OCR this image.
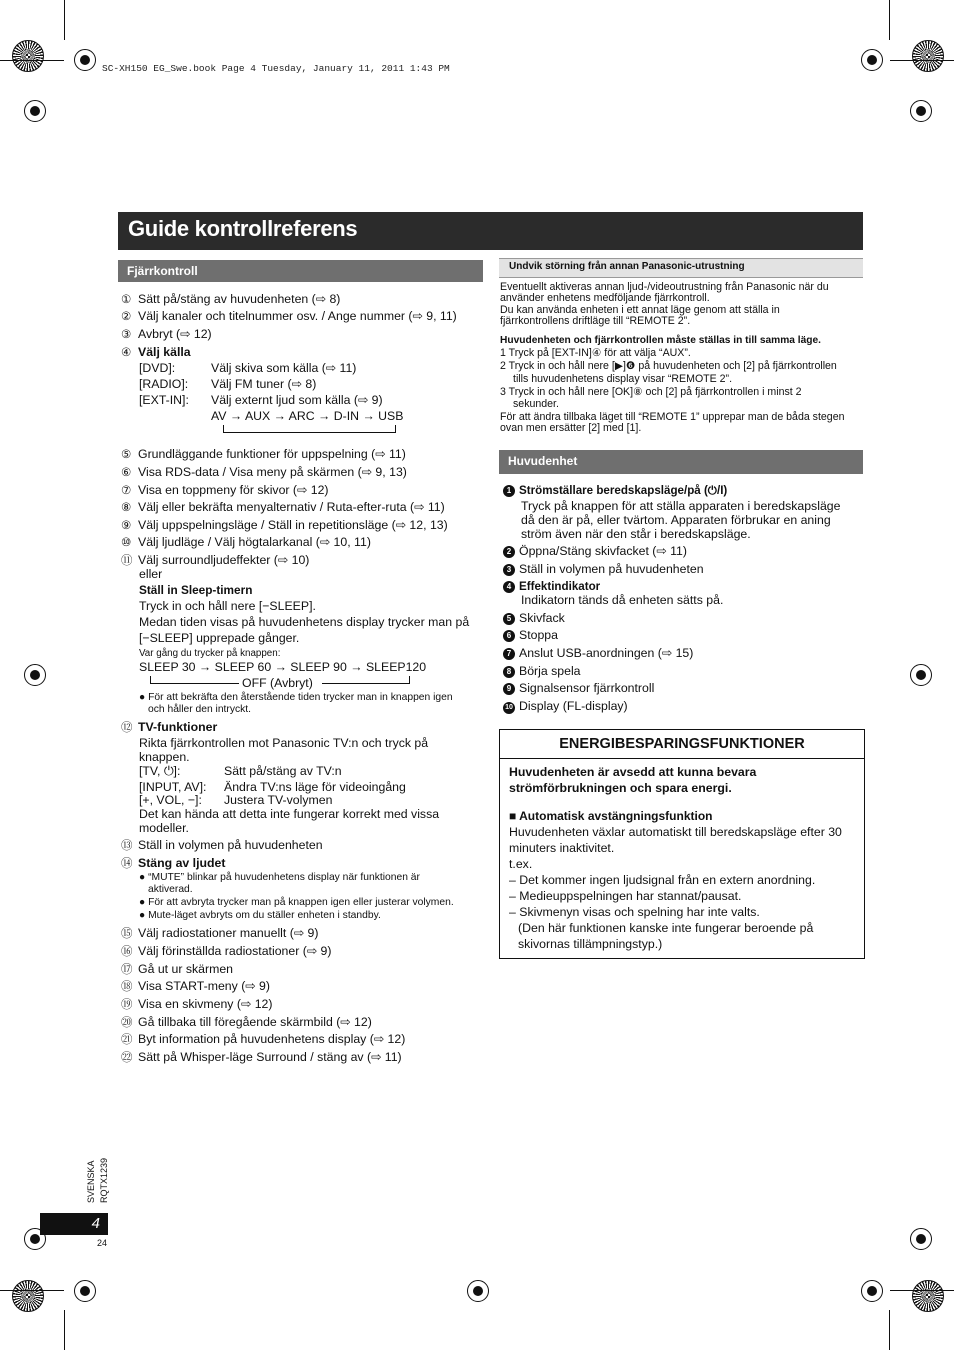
SC-XH150 EG_Swe.book Page 4 Tuesday, January 11, 2011 1:43 PM
Guide kontrollreferens
Fjärrkontroll
① Sätt på/stäng av huvudenheten (⇨ 8)
② Välj kanaler och titelnummer osv. / Ange nummer (⇨ 9, 11)
③ Avbryt (⇨ 12)
④ Välj källa
[DVD]:	Välj skiva som källa (⇨ 11)
[RADIO]: Välj FM tuner (⇨ 8)
[EXT-IN]: Välj externt ljud som källa (⇨ 9)
AV → AUX → ARC → D-IN → USB
⑤ Grundläggande funktioner för uppspelning (⇨ 11)
⑥ Visa RDS-data / Visa meny på skärmen (⇨ 9, 13)
⑦ Visa en toppmeny för skivor (⇨ 12)
⑧ Välj eller bekräfta menyalternativ / Ruta-efter-ruta (⇨ 11)
⑨ Välj uppspelningsläge / Ställ in repetitionsläge (⇨ 12, 13)
⑩ Välj ljudläge / Välj högtalarkanal (⇨ 10, 11)
⑪ Välj surroundljudeffekter (⇨ 10)
eller
Ställ in Sleep-timern
Tryck in och håll nere [−SLEEP].
Medan tiden visas på huvudenhetens display trycker man på
[−SLEEP] upprepade gånger.
Var gång du trycker på knappen:
SLEEP 30 → SLEEP 60 → SLEEP 90 → SLEEP120
OFF (Avbryt)
● För att bekräfta den återstående tiden trycker man in knappen igen
och håller den intryckt.
⑫ TV-funktioner
Rikta fjärrkontrollen mot Panasonic TV:n och tryck på
knappen.
[TV, ⏻]:	Sätt på/stäng av TV:n
[INPUT, AV]: Ändra TV:ns läge för videoingång
[+, VOL, −]: Justera TV-volymen
Det kan hända att detta inte fungerar korrekt med vissa
modeller.
⑬ Ställ in volymen på huvudenheten
⑭ Stäng av ljudet
● “MUTE” blinkar på huvudenhetens display när funktionen är
aktiverad.
● För att avbryta trycker man på knappen igen eller justerar volymen.
● Mute-läget avbryts om du ställer enheten i standby.
⑮ Välj radiostationer manuellt (⇨ 9)
⑯ Välj förinställda radiostationer (⇨ 9)
⑰ Gå ut ur skärmen
⑱ Visa START-meny (⇨ 9)
⑲ Visa en skivmeny (⇨ 12)
⑳ Gå tillbaka till föregående skärmbild (⇨ 12)
㉑ Byt information på huvudenhetens display (⇨ 12)
㉒ Sätt på Whisper-läge Surround / stäng av (⇨ 11)
Undvik störning från annan Panasonic-utrustning
Eventuellt aktiveras annan ljud-/videoutrustning från Panasonic när du
använder enhetens medföljande fjärrkontroll.
Du kan använda enheten i ett annat läge genom att ställa in
fjärrkontrollens driftläge till “REMOTE 2”.
Huvudenheten och fjärrkontrollen måste ställas in till samma läge.
1 Tryck på [EXT-IN]④ för att välja “AUX”.
2 Tryck in och håll nere [▶]❻ på huvudenheten och [2] på fjärrkontrollen
tills huvudenhetens display visar “REMOTE 2”.
3 Tryck in och håll nere [OK]⑧ och [2] på fjärrkontrollen i minst 2
sekunder.
För att ändra tillbaka läget till “REMOTE 1” upprepar man de båda stegen
ovan men ersätter [2] med [1].
Huvudenhet
1 Strömställare beredskapsläge/på (⏻/I)
Tryck på knappen för att ställa apparaten i beredskapsläge
då den är på, eller tvärtom. Apparaten förbrukar en aning
ström även när den står i beredskapsläge.
2 Öppna/Stäng skivfacket (⇨ 11)
3 Ställ in volymen på huvudenheten
4 Effektindikator
Indikatorn tänds då enheten sätts på.
5 Skivfack
6 Stoppa
7 Anslut USB-anordningen (⇨ 15)
8 Börja spela
9 Signalsensor fjärrkontroll
10 Display (FL-display)
ENERGIBESPARINGSFUNKTIONER
Huvudenheten är avsedd att kunna bevara
strömförbrukningen och spara energi.
■ Automatisk avstängningsfunktion
Huvudenheten växlar automatiskt till beredskapsläge efter 30
minuters inaktivitet.
t.ex.
– Det kommer ingen ljudsignal från en extern anordning.
– Medieuppspelningen har stannat/pausat.
– Skivmenyn visas och spelning har inte valts.
(Den här funktionen kanske inte fungerar beroende på
skivornas tillämpningstyp.)
SVENSKA RQTX1239
4
24
